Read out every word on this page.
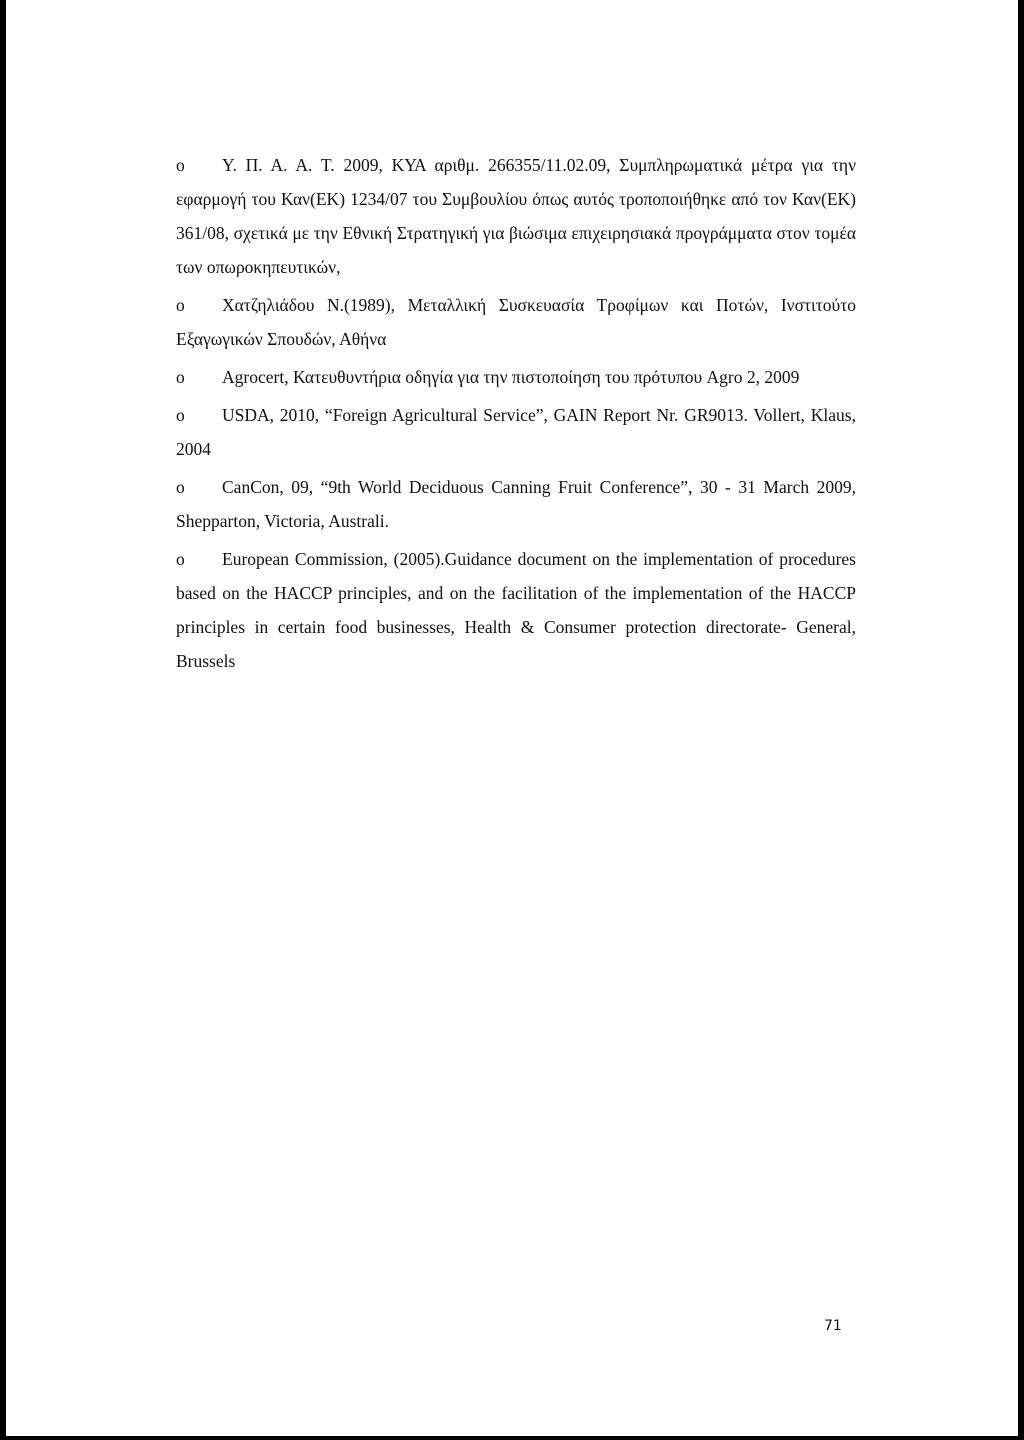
o Υ. Π. Α. Α. Τ. 2009, ΚΥΑ αριθμ. 266355/11.02.09, Συμπληρωματικά μέτρα για την εφαρμογή του Καν(ΕΚ) 1234/07 του Συμβουλίου όπως αυτός τροποποιήθηκε από τον Καν(ΕΚ) 361/08, σχετικά με την Εθνική Στρατηγική για βιώσιμα επιχειρησιακά προγράμματα στον τομέα των οπωροκηπευτικών,

o Χατζηλιάδου Ν.(1989), Μεταλλική Συσκευασία Τροφίμων και Ποτών, Ινστιτούτο Εξαγωγικών Σπουδών, Αθήνα

o Agrocert, Κατευθυντήρια οδηγία για την πιστοποίηση του πρότυπου Agro 2, 2009

o USDA, 2010, “Foreign Agricultural Service”, GAIN Report Nr. GR9013. Vollert, Klaus, 2004

o CanCon, 09, “9th World Deciduous Canning Fruit Conference”, 30 - 31 March 2009, Shepparton, Victoria, Australi.

o European Commission, (2005).Guidance document on the implementation of procedures based on the HACCP principles, and on the facilitation of the implementation of the HACCP principles in certain food businesses, Health & Consumer protection directorate- General, Brussels

71
